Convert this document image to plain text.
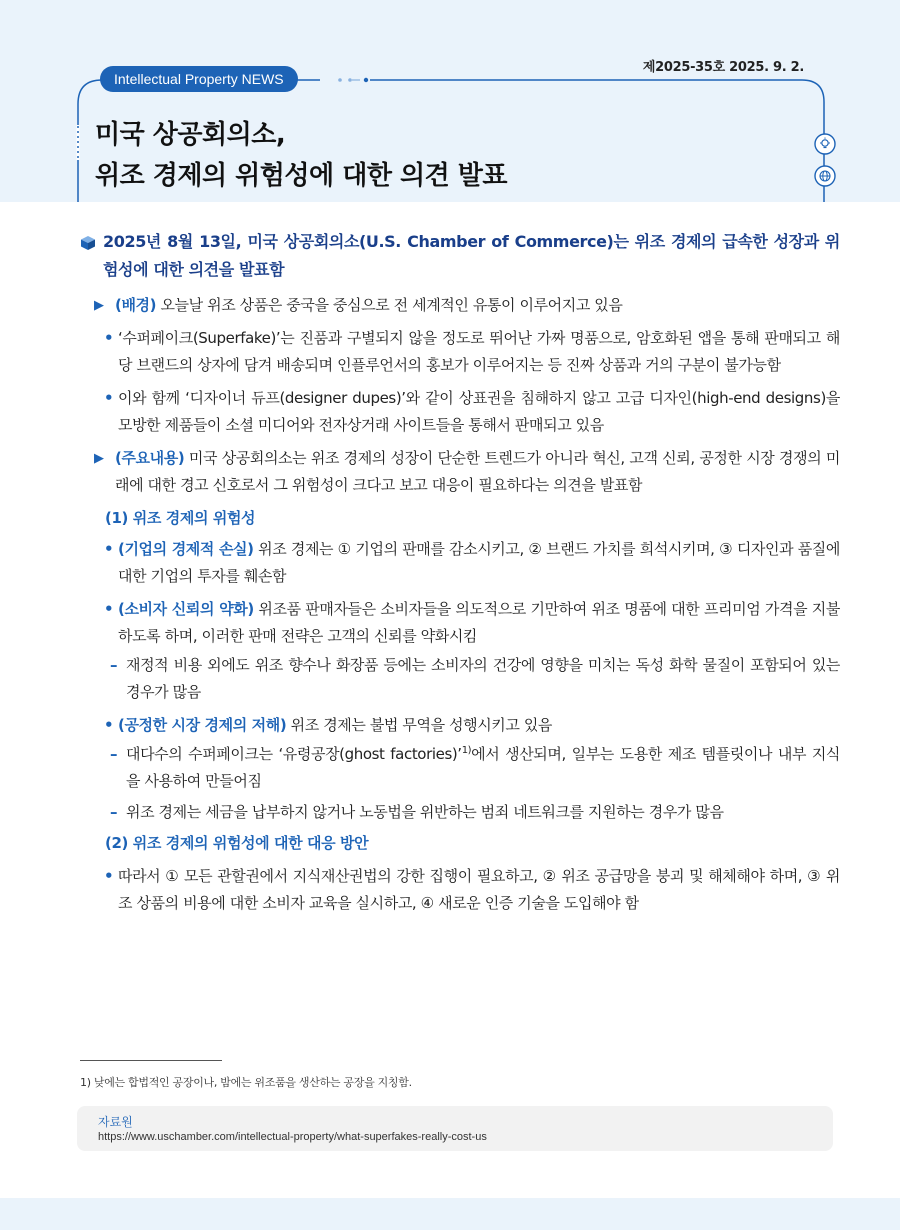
제2025-35호 2025. 9. 2.
Intellectual Property NEWS
미국 상공회의소,
위조 경제의 위험성에 대한 의견 발표
2025년 8월 13일, 미국 상공회의소(U.S. Chamber of Commerce)는 위조 경제의 급속한 성장과 위험성에 대한 의견을 발표함
▶ (배경) 오늘날 위조 상품은 중국을 중심으로 전 세계적인 유통이 이루어지고 있음
• ‘수퍼페이크(Superfake)’는 진품과 구별되지 않을 정도로 뛰어난 가짜 명품으로, 암호화된 앱을 통해 판매되고 해당 브랜드의 상자에 담겨 배송되며 인플루언서의 홍보가 이루어지는 등 진짜 상품과 거의 구분이 불가능함
• 이와 함께 ‘디자이너 듀프(designer dupes)’와 같이 상표권을 침해하지 않고 고급 디자인(high-end designs)을 모방한 제품들이 소셜 미디어와 전자상거래 사이트들을 통해서 판매되고 있음
▶ (주요내용) 미국 상공회의소는 위조 경제의 성장이 단순한 트렌드가 아니라 혁신, 고객 신뢰, 공정한 시장 경쟁의 미래에 대한 경고 신호로서 그 위험성이 크다고 보고 대응이 필요하다는 의견을 발표함
(1) 위조 경제의 위험성
• (기업의 경제적 손실) 위조 경제는 ① 기업의 판매를 감소시키고, ② 브랜드 가치를 희석시키며, ③ 디자인과 품질에 대한 기업의 투자를 훼손함
• (소비자 신뢰의 약화) 위조품 판매자들은 소비자들을 의도적으로 기만하여 위조 명품에 대한 프리미엄 가격을 지불하도록 하며, 이러한 판매 전략은 고객의 신뢰를 약화시킴
– 재정적 비용 외에도 위조 향수나 화장품 등에는 소비자의 건강에 영향을 미치는 독성 화학 물질이 포함되어 있는 경우가 많음
• (공정한 시장 경제의 저해) 위조 경제는 불법 무역을 성행시키고 있음
– 대다수의 수퍼페이크는 ‘유령공장(ghost factories)’$^{1)}$에서 생산되며, 일부는 도용한 제조 템플릿이나 내부 지식을 사용하여 만들어짐
– 위조 경제는 세금을 납부하지 않거나 노동법을 위반하는 범죄 네트워크를 지원하는 경우가 많음
(2) 위조 경제의 위험성에 대한 대응 방안
• 따라서 ① 모든 관할권에서 지식재산권법의 강한 집행이 필요하고, ② 위조 공급망을 붕괴 및 해체해야 하며, ③ 위조 상품의 비용에 대한 소비자 교육을 실시하고, ④ 새로운 인증 기술을 도입해야 함
1) 낮에는 합법적인 공장이나, 밤에는 위조품을 생산하는 공장을 지칭함.
자료원
https://www.uschamber.com/intellectual-property/what-superfakes-really-cost-us
